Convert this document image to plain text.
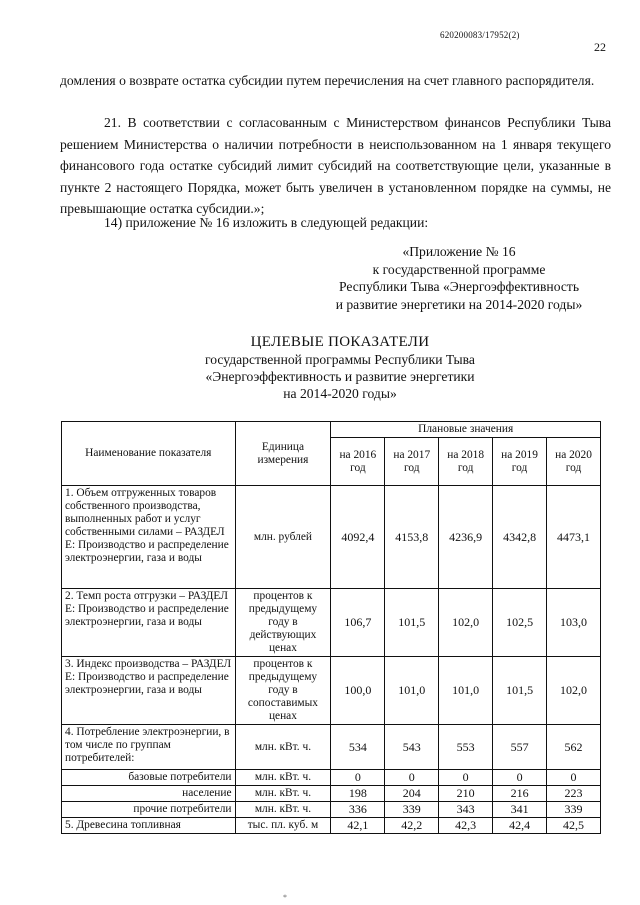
620200083/17952(2)
22

домления о возврате остатка субсидии путем перечисления на счет главного распорядителя.

21. В соответствии с согласованным с Министерством финансов Республики Тыва решением Министерства о наличии потребности в неиспользованном на 1 января текущего финансового года остатке субсидий лимит субсидий на соответствующие цели, указанные в пункте 2 настоящего Порядка, может быть увеличен в установленном порядке на суммы, не превышающие остатка субсидии.»;

14) приложение № 16 изложить в следующей редакции:

«Приложение № 16
к государственной программе
Республики Тыва «Энергоэффективность
и развитие энергетики на 2014-2020 годы»
ЦЕЛЕВЫЕ ПОКАЗАТЕЛИ
государственной программы Республики Тыва
«Энергоэффективность и развитие энергетики
на 2014-2020 годы»
Наименование показателя	Единица измерения	Плановые значения				
		на 2016 год	на 2017 год	на 2018 год	на 2019 год	на 2020 год
1. Объем отгруженных товаров собственного производства, выполненных работ и услуг собственными силами – РАЗДЕЛ E: Производство и распределение электроэнергии, газа и воды	млн. рублей	4092,4	4153,8	4236,9	4342,8	4473,1
2. Темп роста отгрузки – РАЗДЕЛ E: Производство и распределение электроэнергии, газа и воды	процентов к предыдущему году в действующих ценах	106,7	101,5	102,0	102,5	103,0
3. Индекс производства – РАЗДЕЛ E: Производство и распределение электроэнергии, газа и воды	процентов к предыдущему году в сопоставимых ценах	100,0	101,0	101,0	101,5	102,0
4. Потребление электроэнергии, в том числе по группам потребителей:	млн. кВт. ч.	534	543	553	557	562
базовые потребители	млн. кВт. ч.	0	0	0	0	0
население	млн. кВт. ч.	198	204	210	216	223
прочие потребители	млн. кВт. ч.	336	339	343	341	339
5. Древесина топливная	тыс. пл. куб. м	42,1	42,2	42,3	42,4	42,5
*
